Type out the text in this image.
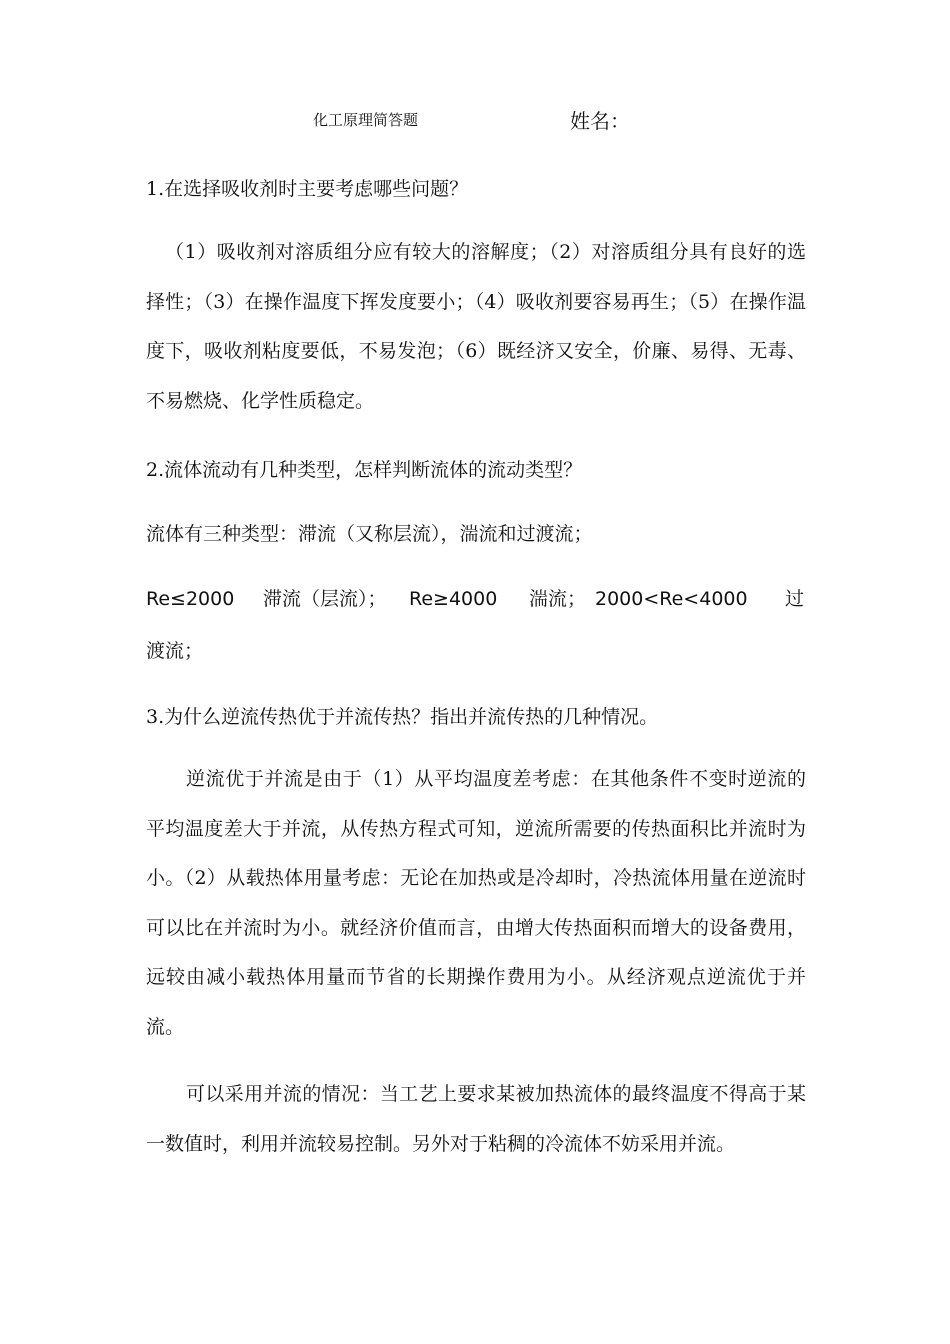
化工原理简答题	姓名：
1.在选择吸收剂时主要考虑哪些问题？
（1）吸收剂对溶质组分应有较大的溶解度；（2）对溶质组分具有良好的选择性；（3）在操作温度下挥发度要小；（4）吸收剂要容易再生；（5）在操作温度下，吸收剂粘度要低，不易发泡；（6）既经济又安全，价廉、易得、无毒、不易燃烧、化学性质稳定。
2.流体流动有几种类型，怎样判断流体的流动类型？
流体有三种类型：滞流（又称层流），湍流和过渡流；
Re≤2000 滞流（层流）； Re≥4000 湍流； 2000<Re<4000 过
渡流；
3.为什么逆流传热优于并流传热？指出并流传热的几种情况。
逆流优于并流是由于（1）从平均温度差考虑：在其他条件不变时逆流的平均温度差大于并流，从传热方程式可知，逆流所需要的传热面积比并流时为小。（2）从载热体用量考虑：无论在加热或是冷却时，冷热流体用量在逆流时可以比在并流时为小。就经济价值而言，由增大传热面积而增大的设备费用，远较由减小载热体用量而节省的长期操作费用为小。从经济观点逆流优于并流。
可以采用并流的情况：当工艺上要求某被加热流体的最终温度不得高于某一数值时，利用并流较易控制。另外对于粘稠的冷流体不妨采用并流。
